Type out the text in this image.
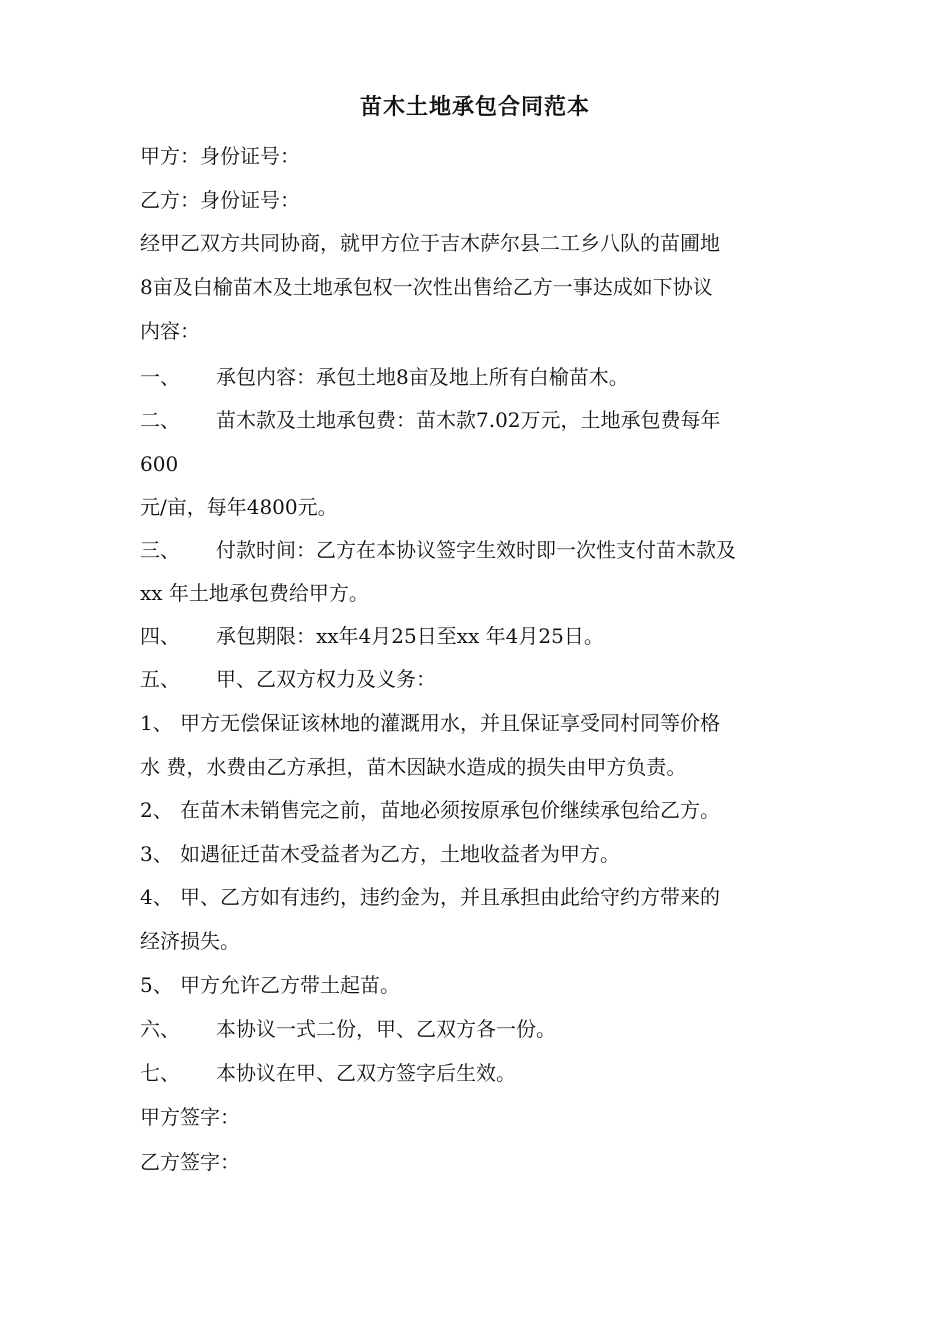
苗木土地承包合同范本
甲方：身份证号：
乙方：身份证号：
经甲乙双方共同协商，就甲方位于吉木萨尔县二工乡八队的苗圃地
8亩及白榆苗木及土地承包权一次性出售给乙方一事达成如下协议
内容：
一、 承包内容：承包土地8亩及地上所有白榆苗木。
二、 苗木款及土地承包费：苗木款7.02万元，土地承包费每年
600
元/亩，每年4800元。
三、 付款时间：乙方在本协议签字生效时即一次性支付苗木款及
xx 年土地承包费给甲方。
四、 承包期限：xx年4月25日至xx 年4月25日。
五、 甲、乙双方权力及义务：
1、 甲方无偿保证该林地的灌溉用水，并且保证享受同村同等价格
水 费，水费由乙方承担，苗木因缺水造成的损失由甲方负责。
2、 在苗木未销售完之前，苗地必须按原承包价继续承包给乙方。
3、 如遇征迁苗木受益者为乙方，土地收益者为甲方。
4、 甲、乙方如有违约，违约金为，并且承担由此给守约方带来的
经济损失。
5、 甲方允许乙方带土起苗。
六、 本协议一式二份，甲、乙双方各一份。
七、 本协议在甲、乙双方签字后生效。
甲方签字：
乙方签字：
